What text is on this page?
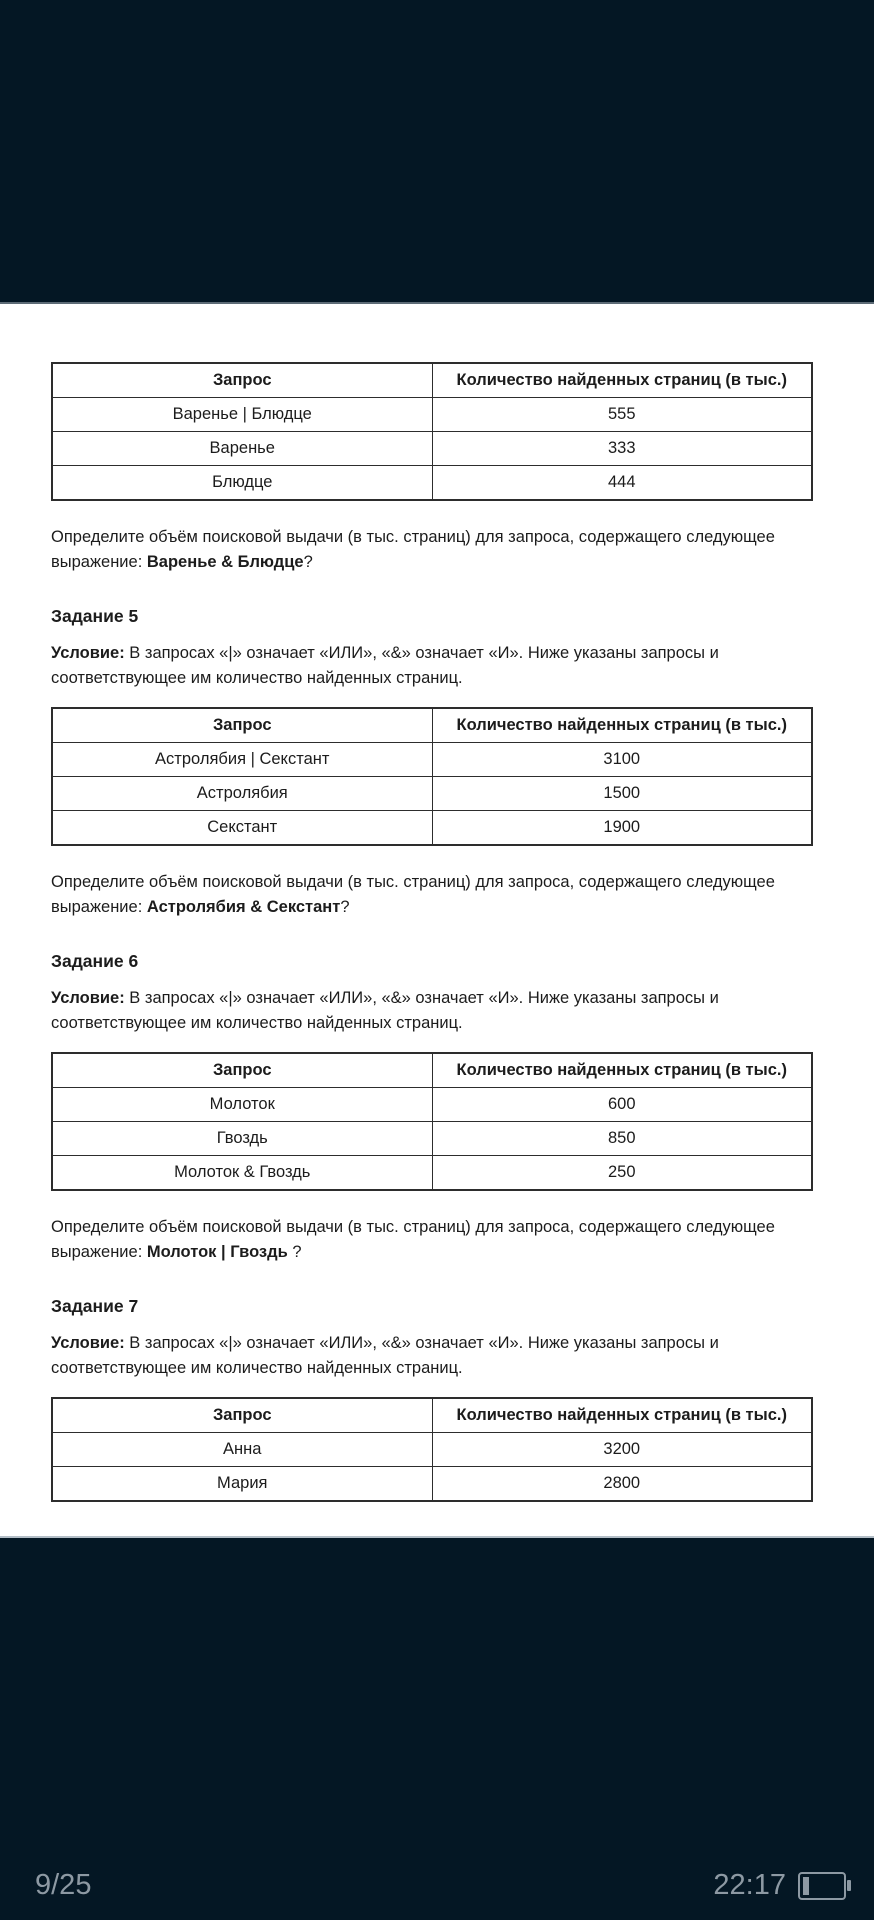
Запрос	Количество найденных страниц (в тыс.)
Варенье | Блюдце	555
Варенье	333
Блюдце	444

Определите объём поисковой выдачи (в тыс. страниц) для запроса, содержащего следующее выражение: Варенье & Блюдце?

Задание 5

Условие: В запросах «|» означает «ИЛИ», «&» означает «И». Ниже указаны запросы и соответствующее им количество найденных страниц.

Запрос	Количество найденных страниц (в тыс.)
Астролябия | Секстант	3100
Астролябия	1500
Секстант	1900

Определите объём поисковой выдачи (в тыс. страниц) для запроса, содержащего следующее выражение: Астролябия & Секстант?

Задание 6

Условие: В запросах «|» означает «ИЛИ», «&» означает «И». Ниже указаны запросы и соответствующее им количество найденных страниц.

Запрос	Количество найденных страниц (в тыс.)
Молоток	600
Гвоздь	850
Молоток & Гвоздь	250

Определите объём поисковой выдачи (в тыс. страниц) для запроса, содержащего следующее выражение: Молоток | Гвоздь ?

Задание 7

Условие: В запросах «|» означает «ИЛИ», «&» означает «И». Ниже указаны запросы и соответствующее им количество найденных страниц.

Запрос	Количество найденных страниц (в тыс.)
Анна	3200
Мария	2800
9/25	22:17
